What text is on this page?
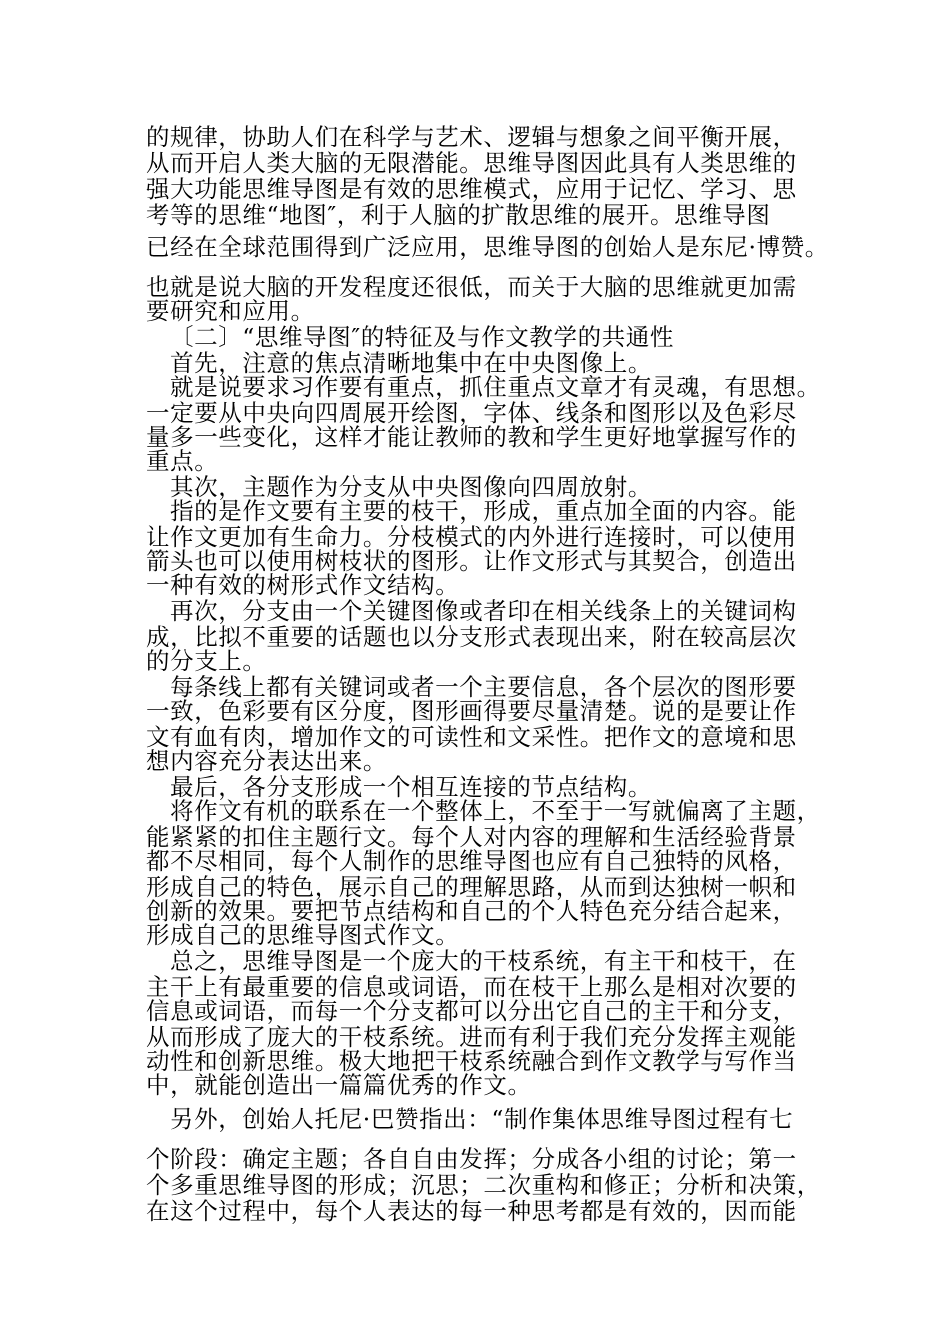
的规律，协助人们在科学与艺术、逻辑与想象之间平衡开展，
从而开启人类大脑的无限潜能。思维导图因此具有人类思维的
强大功能思维导图是有效的思维模式，应用于记忆、学习、思
考等的思维“地图″，利于人脑的扩散思维的展开。思维导图
已经在全球范围得到广泛应用，思维导图的创始人是东尼·博赞。
也就是说大脑的开发程度还很低，而关于大脑的思维就更加需
要研究和应用。
〔二〕“思维导图″的特征及与作文教学的共通性
首先，注意的焦点清晰地集中在中央图像上。
就是说要求习作要有重点，抓住重点文章才有灵魂，有思想。
一定要从中央向四周展开绘图，字体、线条和图形以及色彩尽
量多一些变化，这样才能让教师的教和学生更好地掌握写作的
重点。
其次，主题作为分支从中央图像向四周放射。
指的是作文要有主要的枝干，形成，重点加全面的内容。能
让作文更加有生命力。分枝模式的内外进行连接时，可以使用
箭头也可以使用树枝状的图形。让作文形式与其契合，创造出
一种有效的树形式作文结构。
再次，分支由一个关键图像或者印在相关线条上的关键词构
成，比拟不重要的话题也以分支形式表现出来，附在较高层次
的分支上。
每条线上都有关键词或者一个主要信息，各个层次的图形要
一致，色彩要有区分度，图形画得要尽量清楚。说的是要让作
文有血有肉，增加作文的可读性和文采性。把作文的意境和思
想内容充分表达出来。
最后，各分支形成一个相互连接的节点结构。
将作文有机的联系在一个整体上，不至于一写就偏离了主题，
能紧紧的扣住主题行文。每个人对内容的理解和生活经验背景
都不尽相同，每个人制作的思维导图也应有自己独特的风格，
形成自己的特色，展示自己的理解思路，从而到达独树一帜和
创新的效果。要把节点结构和自己的个人特色充分结合起来，
形成自己的思维导图式作文。
总之，思维导图是一个庞大的干枝系统，有主干和枝干，在
主干上有最重要的信息或词语，而在枝干上那么是相对次要的
信息或词语，而每一个分支都可以分出它自己的主干和分支，
从而形成了庞大的干枝系统。进而有利于我们充分发挥主观能
动性和创新思维。极大地把干枝系统融合到作文教学与写作当
中，就能创造出一篇篇优秀的作文。
另外，创始人托尼·巴赞指出：“制作集体思维导图过程有七
个阶段：确定主题；各自自由发挥；分成各小组的讨论；第一
个多重思维导图的形成；沉思；二次重构和修正；分析和决策，
在这个过程中，每个人表达的每一种思考都是有效的，因而能
